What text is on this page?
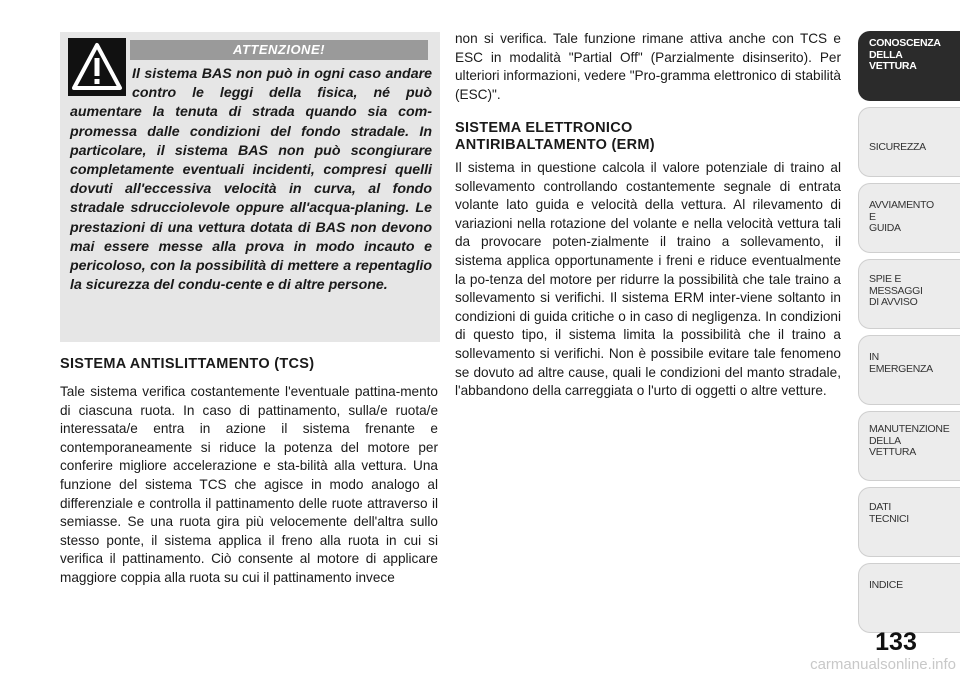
ATTENZIONE!

Il sistema BAS non può in ogni caso andare contro le leggi della fisica, né può aumentare la tenuta di strada quando sia com-promessa dalle condizioni del fondo stradale. In particolare, il sistema BAS non può scongiurare completamente eventuali incidenti, compresi quelli dovuti all'eccessiva velocità in curva, al fondo stradale sdrucciolevole oppure all'acqua-planing. Le prestazioni di una vettura dotata di BAS non devono mai essere messe alla prova in modo incauto e pericoloso, con la possibilità di mettere a repentaglio la sicurezza del condu-cente e di altre persone.

SISTEMA ANTISLITTAMENTO (TCS)

Tale sistema verifica costantemente l'eventuale pattina-mento di ciascuna ruota. In caso di pattinamento, sulla/e ruota/e interessata/e entra in azione il sistema frenante e contemporaneamente si riduce la potenza del motore per conferire migliore accelerazione e sta-bilità alla vettura. Una funzione del sistema TCS che agisce in modo analogo al differenziale e controlla il pattinamento delle ruote attraverso il semiasse. Se una ruota gira più velocemente dell'altra sullo stesso ponte, il sistema applica il freno alla ruota in cui si verifica il pattinamento. Ciò consente al motore di applicare maggiore coppia alla ruota su cui il pattinamento invece

non si verifica. Tale funzione rimane attiva anche con TCS e ESC in modalità "Partial Off" (Parzialmente disinserito). Per ulteriori informazioni, vedere "Pro-gramma elettronico di stabilità (ESC)".

SISTEMA ELETTRONICO
ANTIRIBALTAMENTO (ERM)

Il sistema in questione calcola il valore potenziale di traino al sollevamento controllando costantemente segnale di entrata volante lato guida e velocità della vettura. Al rilevamento di variazioni nella rotazione del volante e nella velocità vettura tali da provocare poten-zialmente il traino a sollevamento, il sistema applica opportunamente i freni e riduce eventualmente la po-tenza del motore per ridurre la possibilità che tale traino a sollevamento si verifichi. Il sistema ERM inter-viene soltanto in condizioni di guida critiche o in caso di negligenza. In condizioni di questo tipo, il sistema limita la possibilità che il traino a sollevamento si verifichi. Non è possibile evitare tale fenomeno se dovuto ad altre cause, quali le condizioni del manto stradale, l'abbandono della carreggiata o l'urto di oggetti o altre vetture.

CONOSCENZA
DELLA
VETTURA
SICUREZZA
AVVIAMENTO
E
GUIDA
SPIE E
MESSAGGI
DI AVVISO
IN
EMERGENZA
MANUTENZIONE
DELLA
VETTURA
DATI
TECNICI
INDICE
133
carmanualsonline.info
